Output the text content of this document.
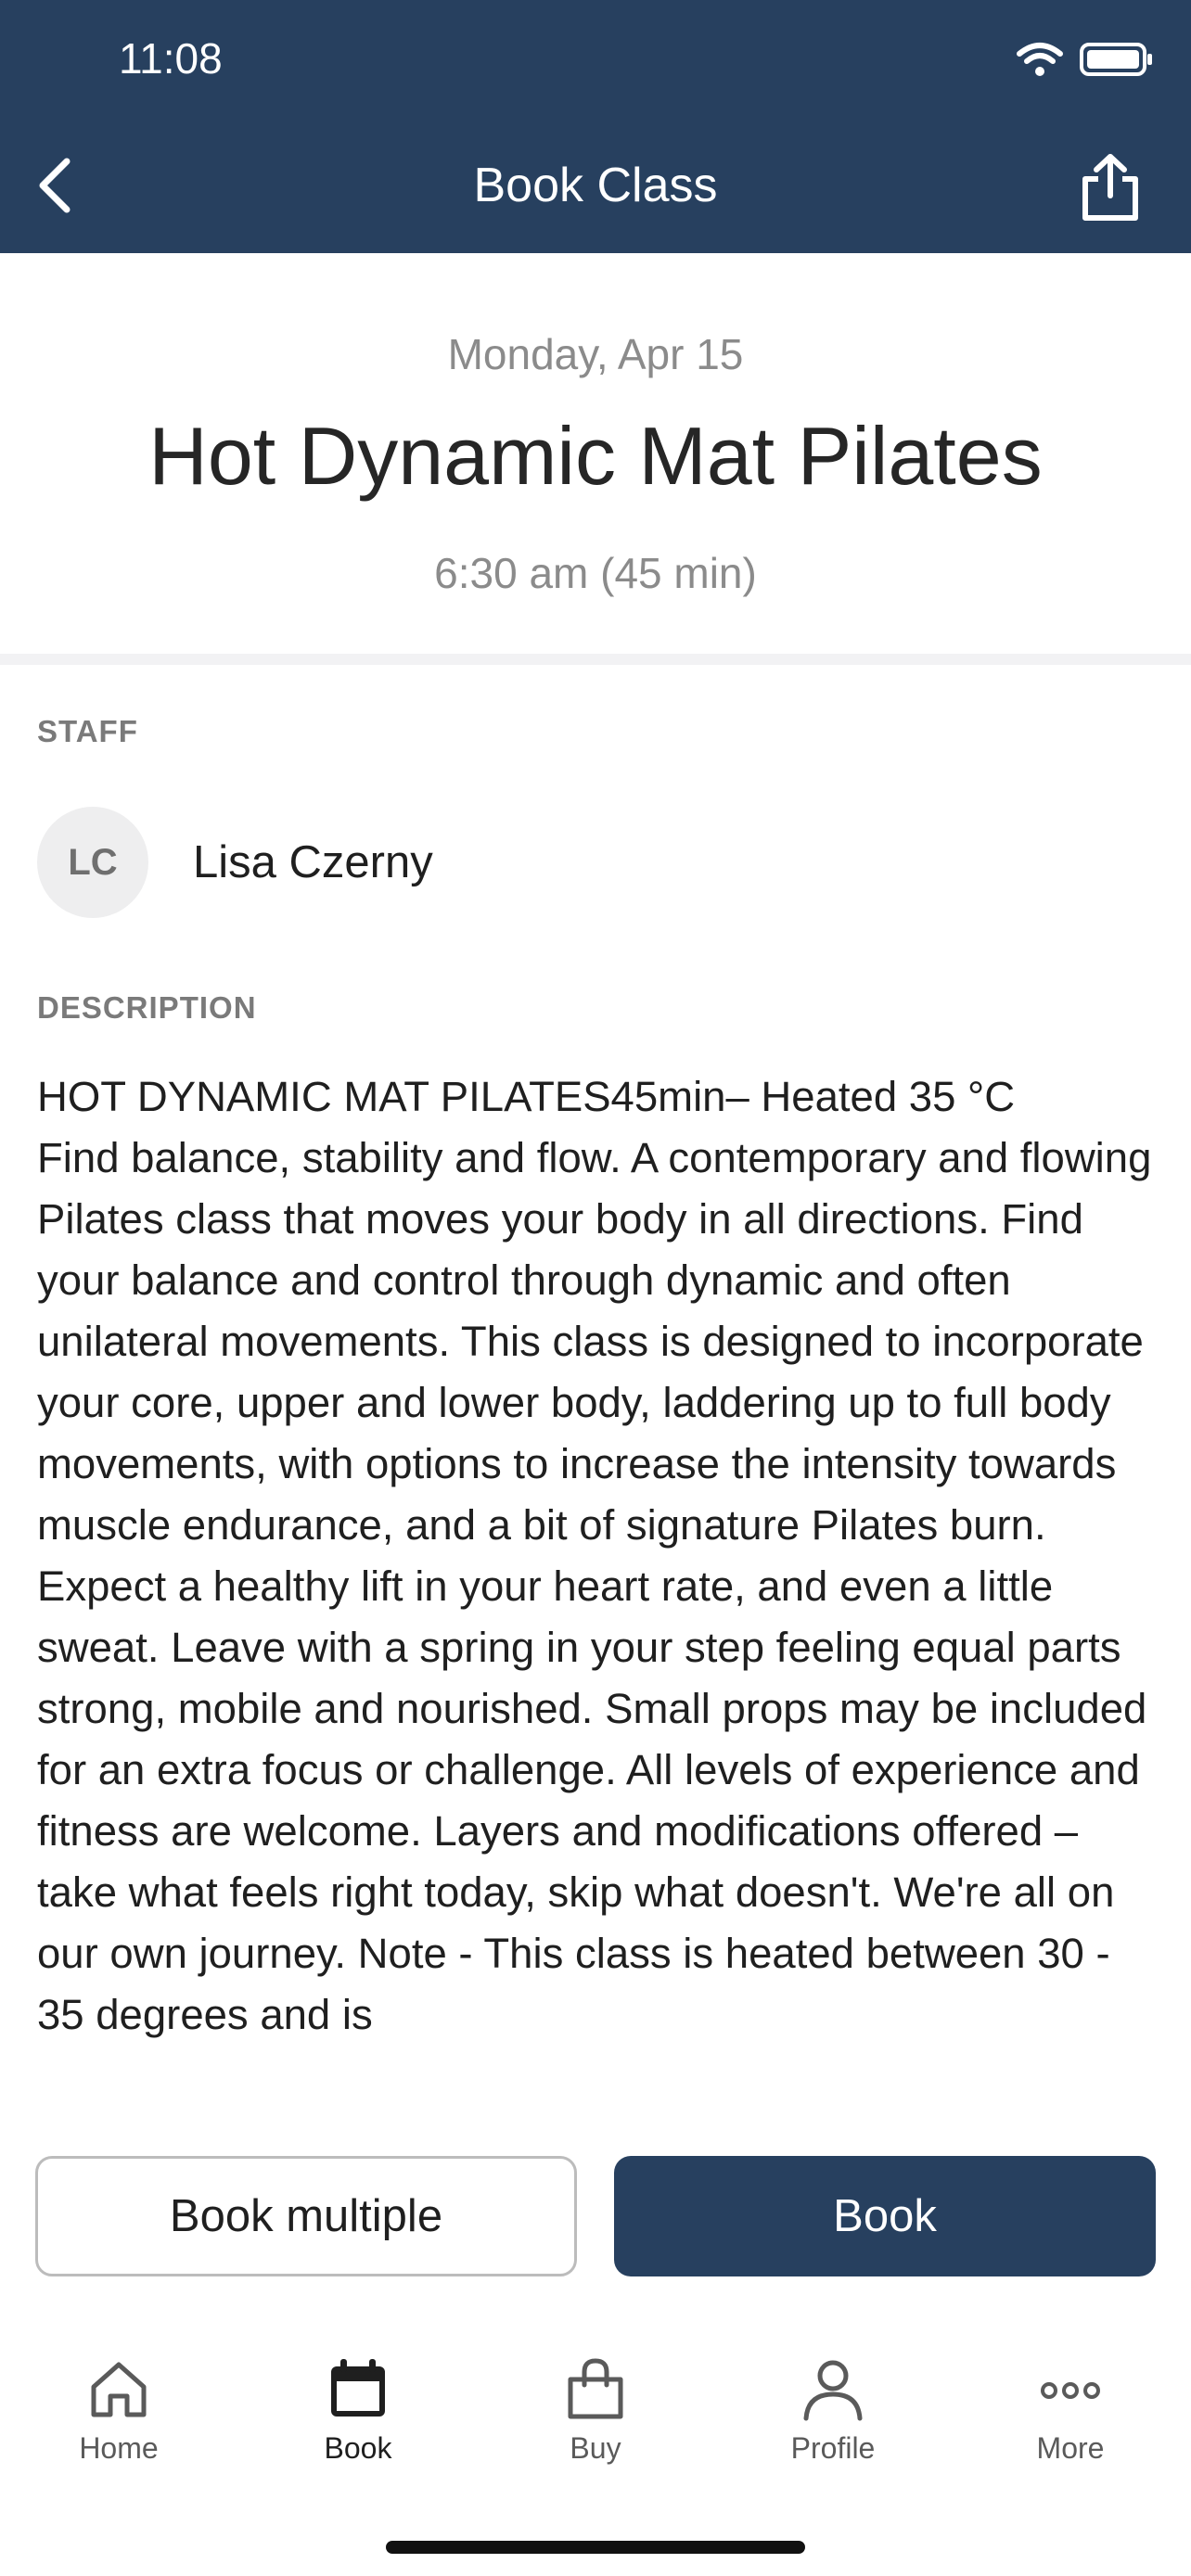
11:08

Book Class
Monday, Apr 15
Hot Dynamic Mat Pilates
6:30 am (45 min)
STAFF
LC	Lisa Czerny
DESCRIPTION
HOT DYNAMIC MAT PILATES45min– Heated 35 °C
Find balance, stability and flow. A contemporary and flowing Pilates class that moves your body in all directions. Find your balance and control through dynamic and often unilateral movements. This class is designed to incorporate your core, upper and lower body, laddering up to full body movements, with options to increase the intensity towards muscle endurance, and a bit of signature Pilates burn. Expect a healthy lift in your heart rate, and even a little sweat. Leave with a spring in your step feeling equal parts strong, mobile and nourished. Small props may be included for an extra focus or challenge. All levels of experience and fitness are welcome. Layers and modifications offered – take what feels right today, skip what doesn't. We're all on our own journey. Note - This class is heated between 30 - 35 degrees and is
Book multiple	Book
Home	Book	Buy	Profile	More
